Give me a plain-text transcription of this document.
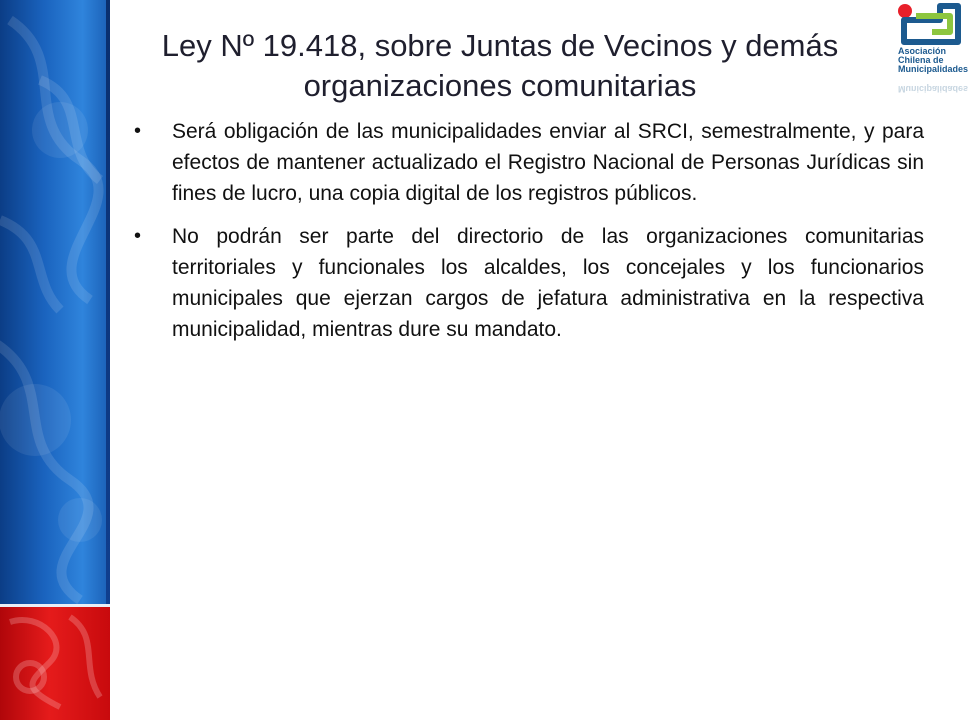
Asociación
Chilena de
Municipalidades
Municipalidades
Ley Nº 19.418, sobre Juntas de Vecinos y demás organizaciones comunitarias
• Será obligación de las municipalidades enviar al SRCI, semestralmente, y para efectos de mantener actualizado el Registro Nacional de Personas Jurídicas sin fines de lucro, una copia digital de los registros públicos.
• No podrán ser parte del directorio de las organizaciones comunitarias territoriales y funcionales los alcaldes, los concejales y los funcionarios municipales que ejerzan cargos de jefatura administrativa en la respectiva municipalidad, mientras dure su mandato.
